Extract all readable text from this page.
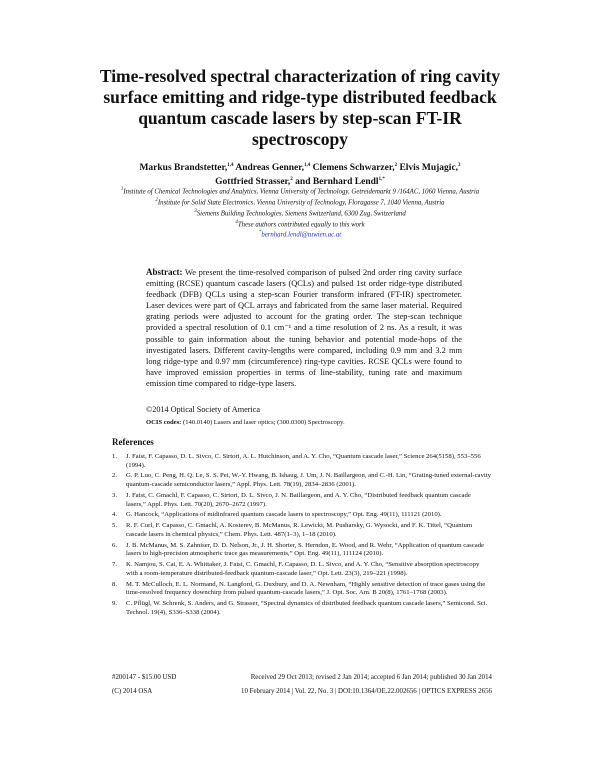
Time-resolved spectral characterization of ring cavity surface emitting and ridge-type distributed feedback quantum cascade lasers by step-scan FT-IR spectroscopy
Markus Brandstetter,$^{1,4}$ Andreas Genner,$^{1,4}$ Clemens Schwarzer,$^2$ Elvis Mujagic,$^3$
Gottfried Strasser,$^2$ and Bernhard Lendl$^{1,*}$
$^1$Institute of Chemical Technologies and Analytics, Vienna University of Technology, Getreidemarkt 9 /164AC, 1060 Vienna, Austria
$^2$Institute for Solid State Electronics, Vienna University of Technology, Floragasse 7, 1040 Vienna, Austria
$^3$Siemens Building Technologies, Siemens Switzerland, 6300 Zug, Switzerland
$^4$These authors contributed equally to this work
*bernhard.lendl@tuwien.ac.at
Abstract: We present the time-resolved comparison of pulsed 2nd order ring cavity surface emitting (RCSE) quantum cascade lasers (QCLs) and pulsed 1st order ridge-type distributed feedback (DFB) QCLs using a step-scan Fourier transform infrared (FT-IR) spectrometer. Laser devices were part of QCL arrays and fabricated from the same laser material. Required grating periods were adjusted to account for the grating order. The step-scan technique provided a spectral resolution of 0.1 cm⁻¹ and a time resolution of 2 ns. As a result, it was possible to gain information about the tuning behavior and potential mode-hops of the investigated lasers. Different cavity-lengths were compared, including 0.9 mm and 3.2 mm long ridge-type and 0.97 mm (circumference) ring-type cavities. RCSE QCLs were found to have improved emission properties in terms of line-stability, tuning rate and maximum emission time compared to ridge-type lasers.
©2014 Optical Society of America
OCIS codes: (140.0140) Lasers and laser optics; (300.0300) Spectroscopy.
References
1. J. Faist, F. Capasso, D. L. Sivco, C. Sirtori, A. L. Hutchinson, and A. Y. Cho, “Quantum cascade laser,” Science 264(5158), 553–556 (1994).
2. G. P. Luo, C. Peng, H. Q. Le, S. S. Pei, W.-Y. Hwang, B. Ishaug, J. Um, J. N. Baillargeon, and C.-H. Lin, “Grating-tuned external-cavity quantum-cascade semiconductor lasers,” Appl. Phys. Lett. 78(19), 2834–2836 (2001).
3. J. Faist, C. Gmachl, F. Capasso, C. Sirtori, D. L. Sivco, J. N. Baillargeon, and A. Y. Cho, “Distributed feedback quantum cascade lasers,” Appl. Phys. Lett. 70(20), 2670–2672 (1997).
4. G. Hancock, “Applications of midinfrared quantum cascade lasers to spectroscopy,” Opt. Eng. 49(11), 111121 (2010).
5. R. F. Curl, F. Capasso, C. Gmachl, A. Kosterev, B. McManus, R. Lewicki, M. Pusharsky, G. Wysocki, and F. K. Tittel, “Quantum cascade lasers in chemical physics,” Chem. Phys. Lett. 487(1–3), 1–18 (2010).
6. J. B. McManus, M. S. Zahniser, D. D. Nelson, Jr., J. H. Shorter, S. Herndon, E. Wood, and R. Wehr, “Application of quantum cascade lasers to high-precision atmospheric trace gas measurements,” Opt. Eng. 49(11), 111124 (2010).
7. K. Namjou, S. Cai, E. A. Whittaker, J. Faist, C. Gmachl, F. Capasso, D. L. Sivco, and A. Y. Cho, “Sensitive absorption spectroscopy with a room-temperature distributed-feedback quantum-cascade laser,” Opt. Lett. 23(3), 219–221 (1998).
8. M. T. McCulloch, E. L. Normand, N. Langford, G. Duxbury, and D. A. Newnham, “Highly sensitive detection of trace gases using the time-resolved frequency downchirp from pulsed quantum-cascade lasers,” J. Opt. Soc. Am. B 20(8), 1761–1768 (2003).
9. C. Pflügl, W. Schrenk, S. Anders, and G. Strasser, “Spectral dynamics of distributed feedback quantum cascade lasers,” Semicond. Sci. Technol. 19(4), S336–S338 (2004).
#200147 - $15.00 USD	Received 29 Oct 2013; revised 2 Jan 2014; accepted 6 Jan 2014; published 30 Jan 2014
(C) 2014 OSA	10 February 2014 | Vol. 22, No. 3 | DOI:10.1364/OE.22.002656 | OPTICS EXPRESS 2656
